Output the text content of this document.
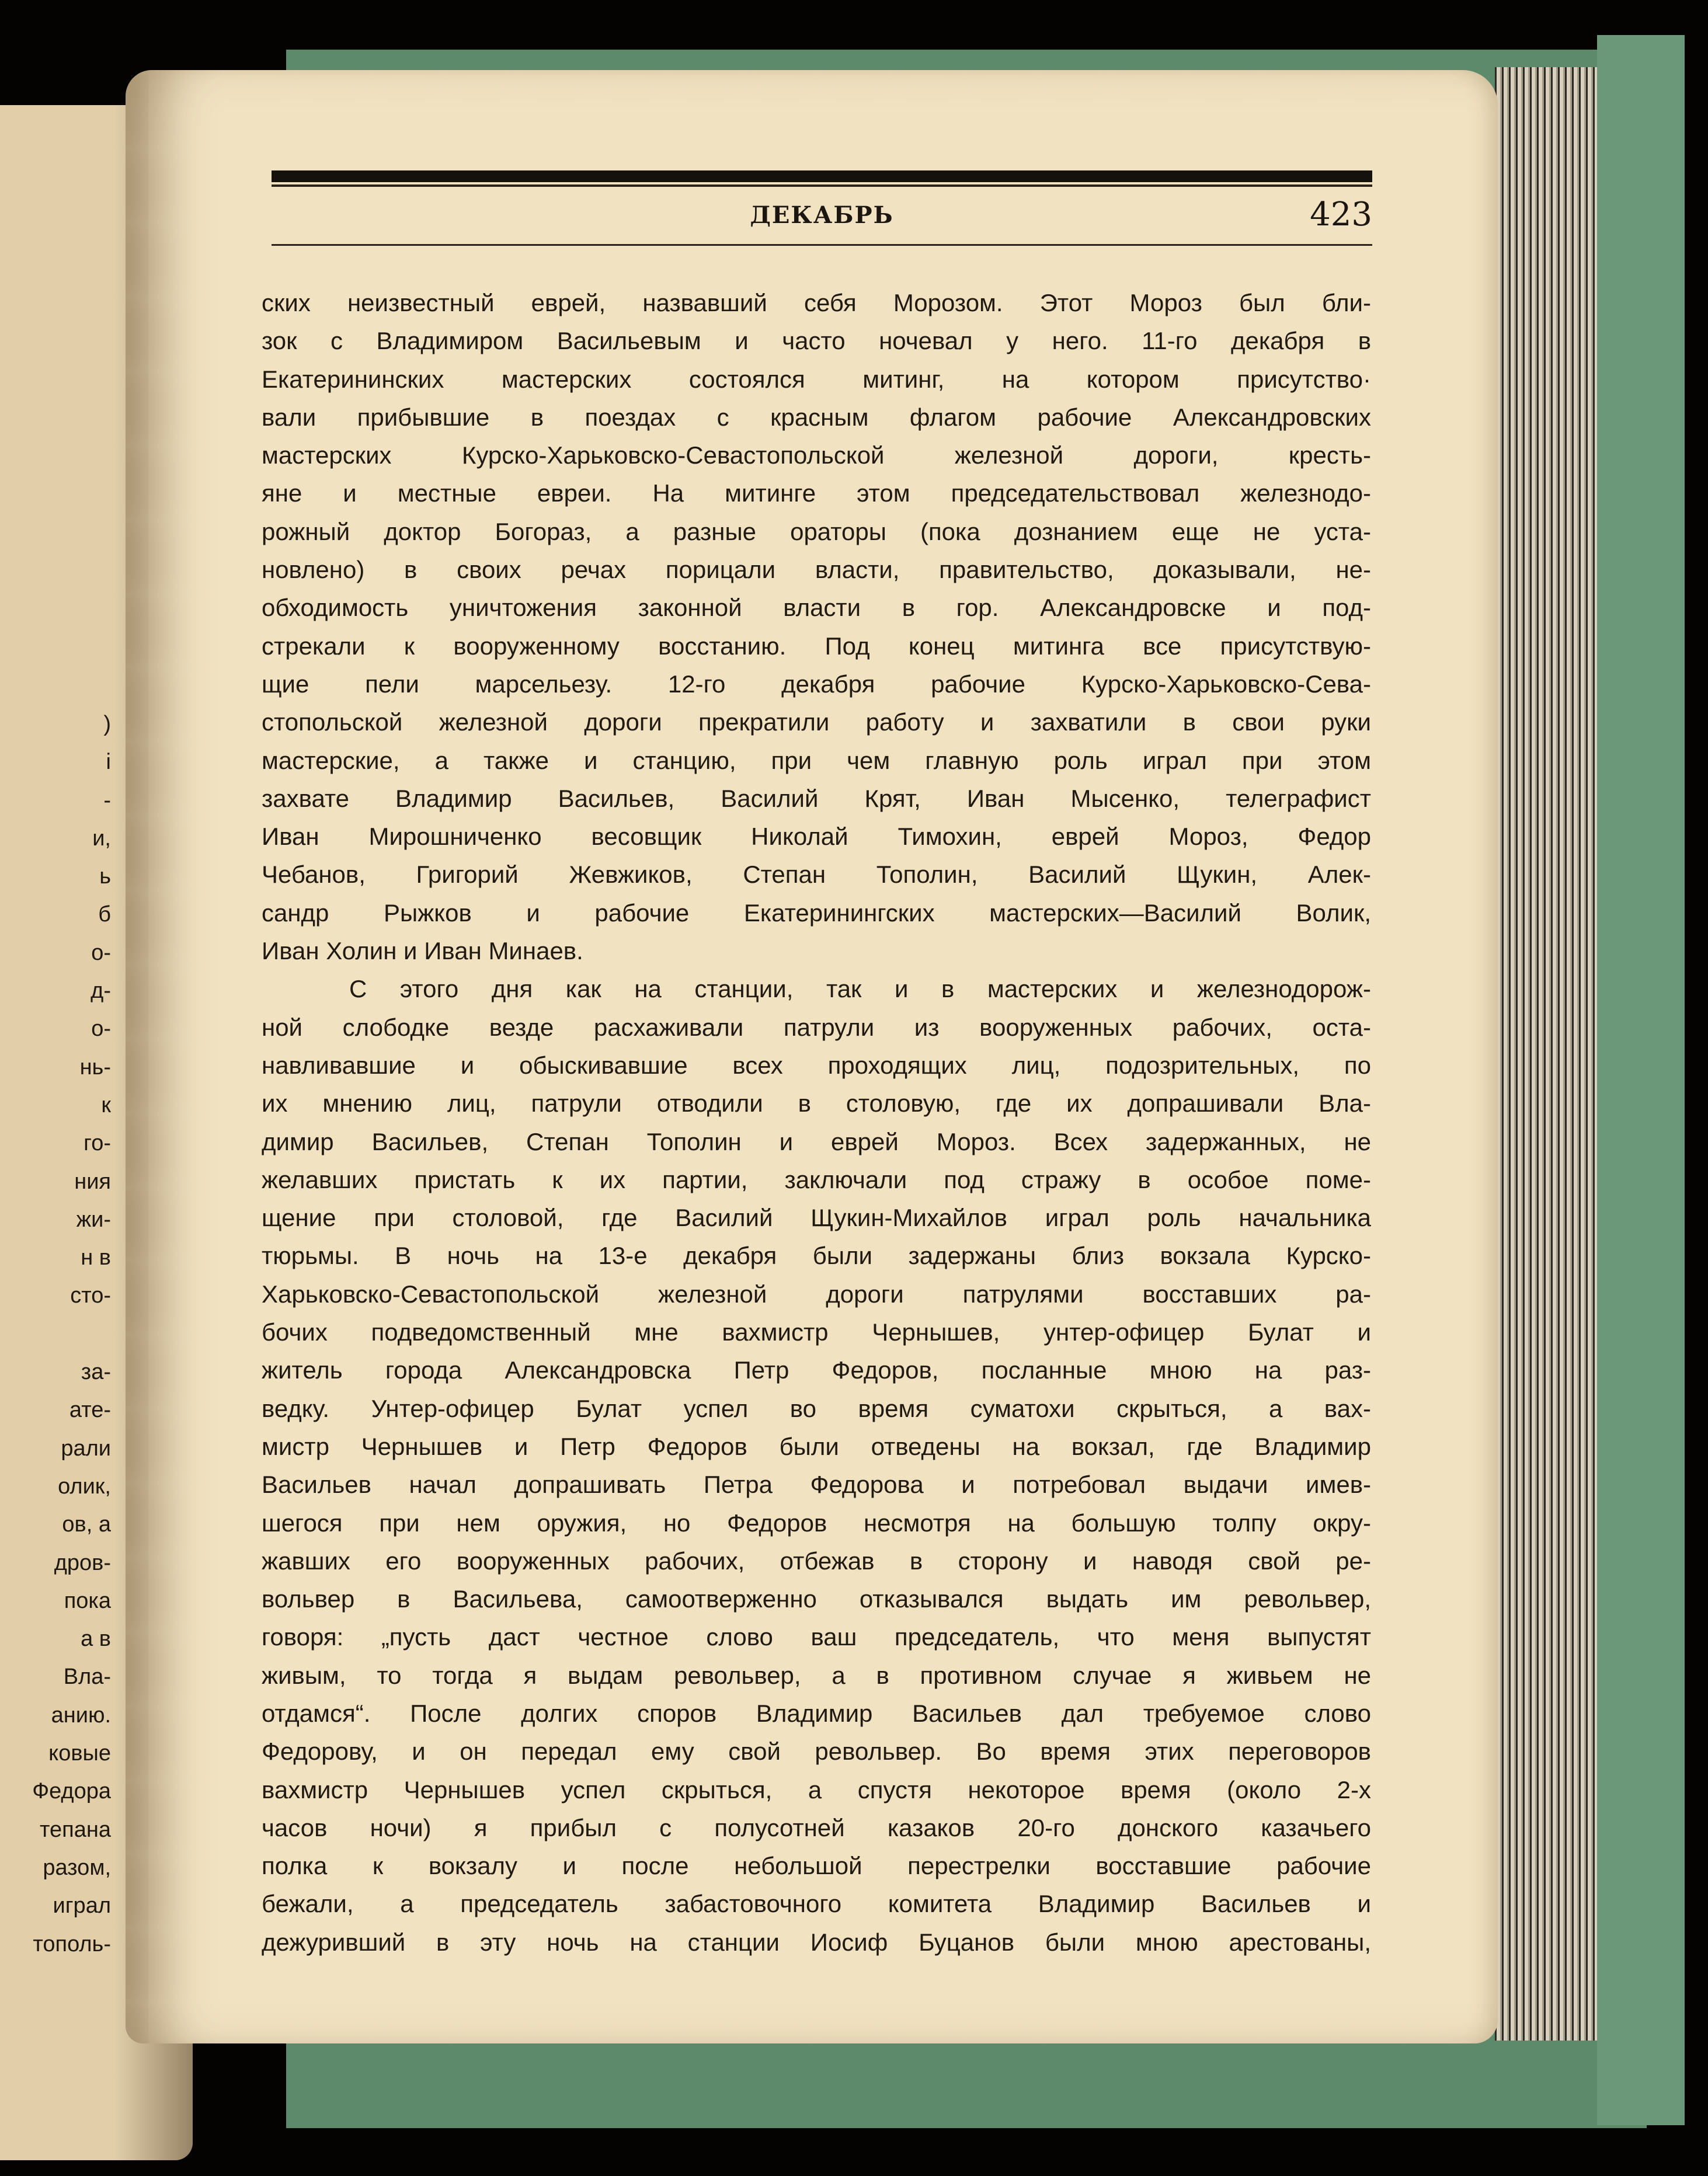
)
і
-
и,
ь
б
о-
д-
о-
нь-
к
го-
ния
жи-
н в
сто-
за-
ате-
рали
олик,
ов, а
дров-
пока
а в
Вла-
анию.
ковые
Федора
тепана
разом,
играл
тополь-
ДЕКАБРЬ	423
ских неизвестный еврей, назвавший себя Морозом. Этот Мороз был бли-
зок с Владимиром Васильевым и часто ночевал у него. 11-го декабря в
Екатерининских мастерских состоялся митинг, на котором присутство·
вали прибывшие в поездах с красным флагом рабочие Александровских
мастерских Курско-Харьковско-Севастопольской железной дороги, кресть-
яне и местные евреи. На митинге этом председательствовал железнодо-
рожный доктор Богораз, а разные ораторы (пока дознанием еще не уста-
новлено) в своих речах порицали власти, правительство, доказывали, не-
обходимость уничтожения законной власти в гор. Александровске и под-
стрекали к вооруженному восстанию. Под конец митинга все присутствую-
щие пели марсельезу. 12-го декабря рабочие Курско-Харьковско-Сева-
стопольской железной дороги прекратили работу и захватили в свои руки
мастерские, а также и станцию, при чем главную роль играл при этом
захвате Владимир Васильев, Василий Крят, Иван Мысенко, телеграфист
Иван Мирошниченко весовщик Николай Тимохин, еврей Мороз, Федор
Чебанов, Григорий Жевжиков, Степан Тополин, Василий Щукин, Алек-
сандр Рыжков и рабочие Екатеринингских мастерских—Василий Волик,
Иван Холин и Иван Минаев.
С этого дня как на станции, так и в мастерских и железнодорож-
ной слободке везде расхаживали патрули из вооруженных рабочих, оста-
навливавшие и обыскивавшие всех проходящих лиц, подозрительных, по
их мнению лиц, патрули отводили в столовую, где их допрашивали Вла-
димир Васильев, Степан Тополин и еврей Мороз. Всех задержанных, не
желавших пристать к их партии, заключали под стражу в особое поме-
щение при столовой, где Василий Щукин-Михайлов играл роль начальника
тюрьмы. В ночь на 13-е декабря были задержаны близ вокзала Курско-
Харьковско-Севастопольской железной дороги патрулями восставших ра-
бочих подведомственный мне вахмистр Чернышев, унтер-офицер Булат и
житель города Александровска Петр Федоров, посланные мною на раз-
ведку. Унтер-офицер Булат успел во время суматохи скрыться, а вах-
мистр Чернышев и Петр Федоров были отведены на вокзал, где Владимир
Васильев начал допрашивать Петра Федорова и потребовал выдачи имев-
шегося при нем оружия, но Федоров несмотря на большую толпу окру-
жавших его вооруженных рабочих, отбежав в сторону и наводя свой ре-
вольвер в Васильева, самоотверженно отказывался выдать им револьвер,
говоря: „пусть даст честное слово ваш председатель, что меня выпустят
живым, то тогда я выдам револьвер, а в противном случае я живьем не
отдамся“. После долгих споров Владимир Васильев дал требуемое слово
Федорову, и он передал ему свой револьвер. Во время этих переговоров
вахмистр Чернышев успел скрыться, а спустя некоторое время (около 2-х
часов ночи) я прибыл с полусотней казаков 20-го донского казачьего
полка к вокзалу и после небольшой перестрелки восставшие рабочие
бежали, а председатель забастовочного комитета Владимир Васильев и
дежуривший в эту ночь на станции Иосиф Буцанов были мною арестованы,
